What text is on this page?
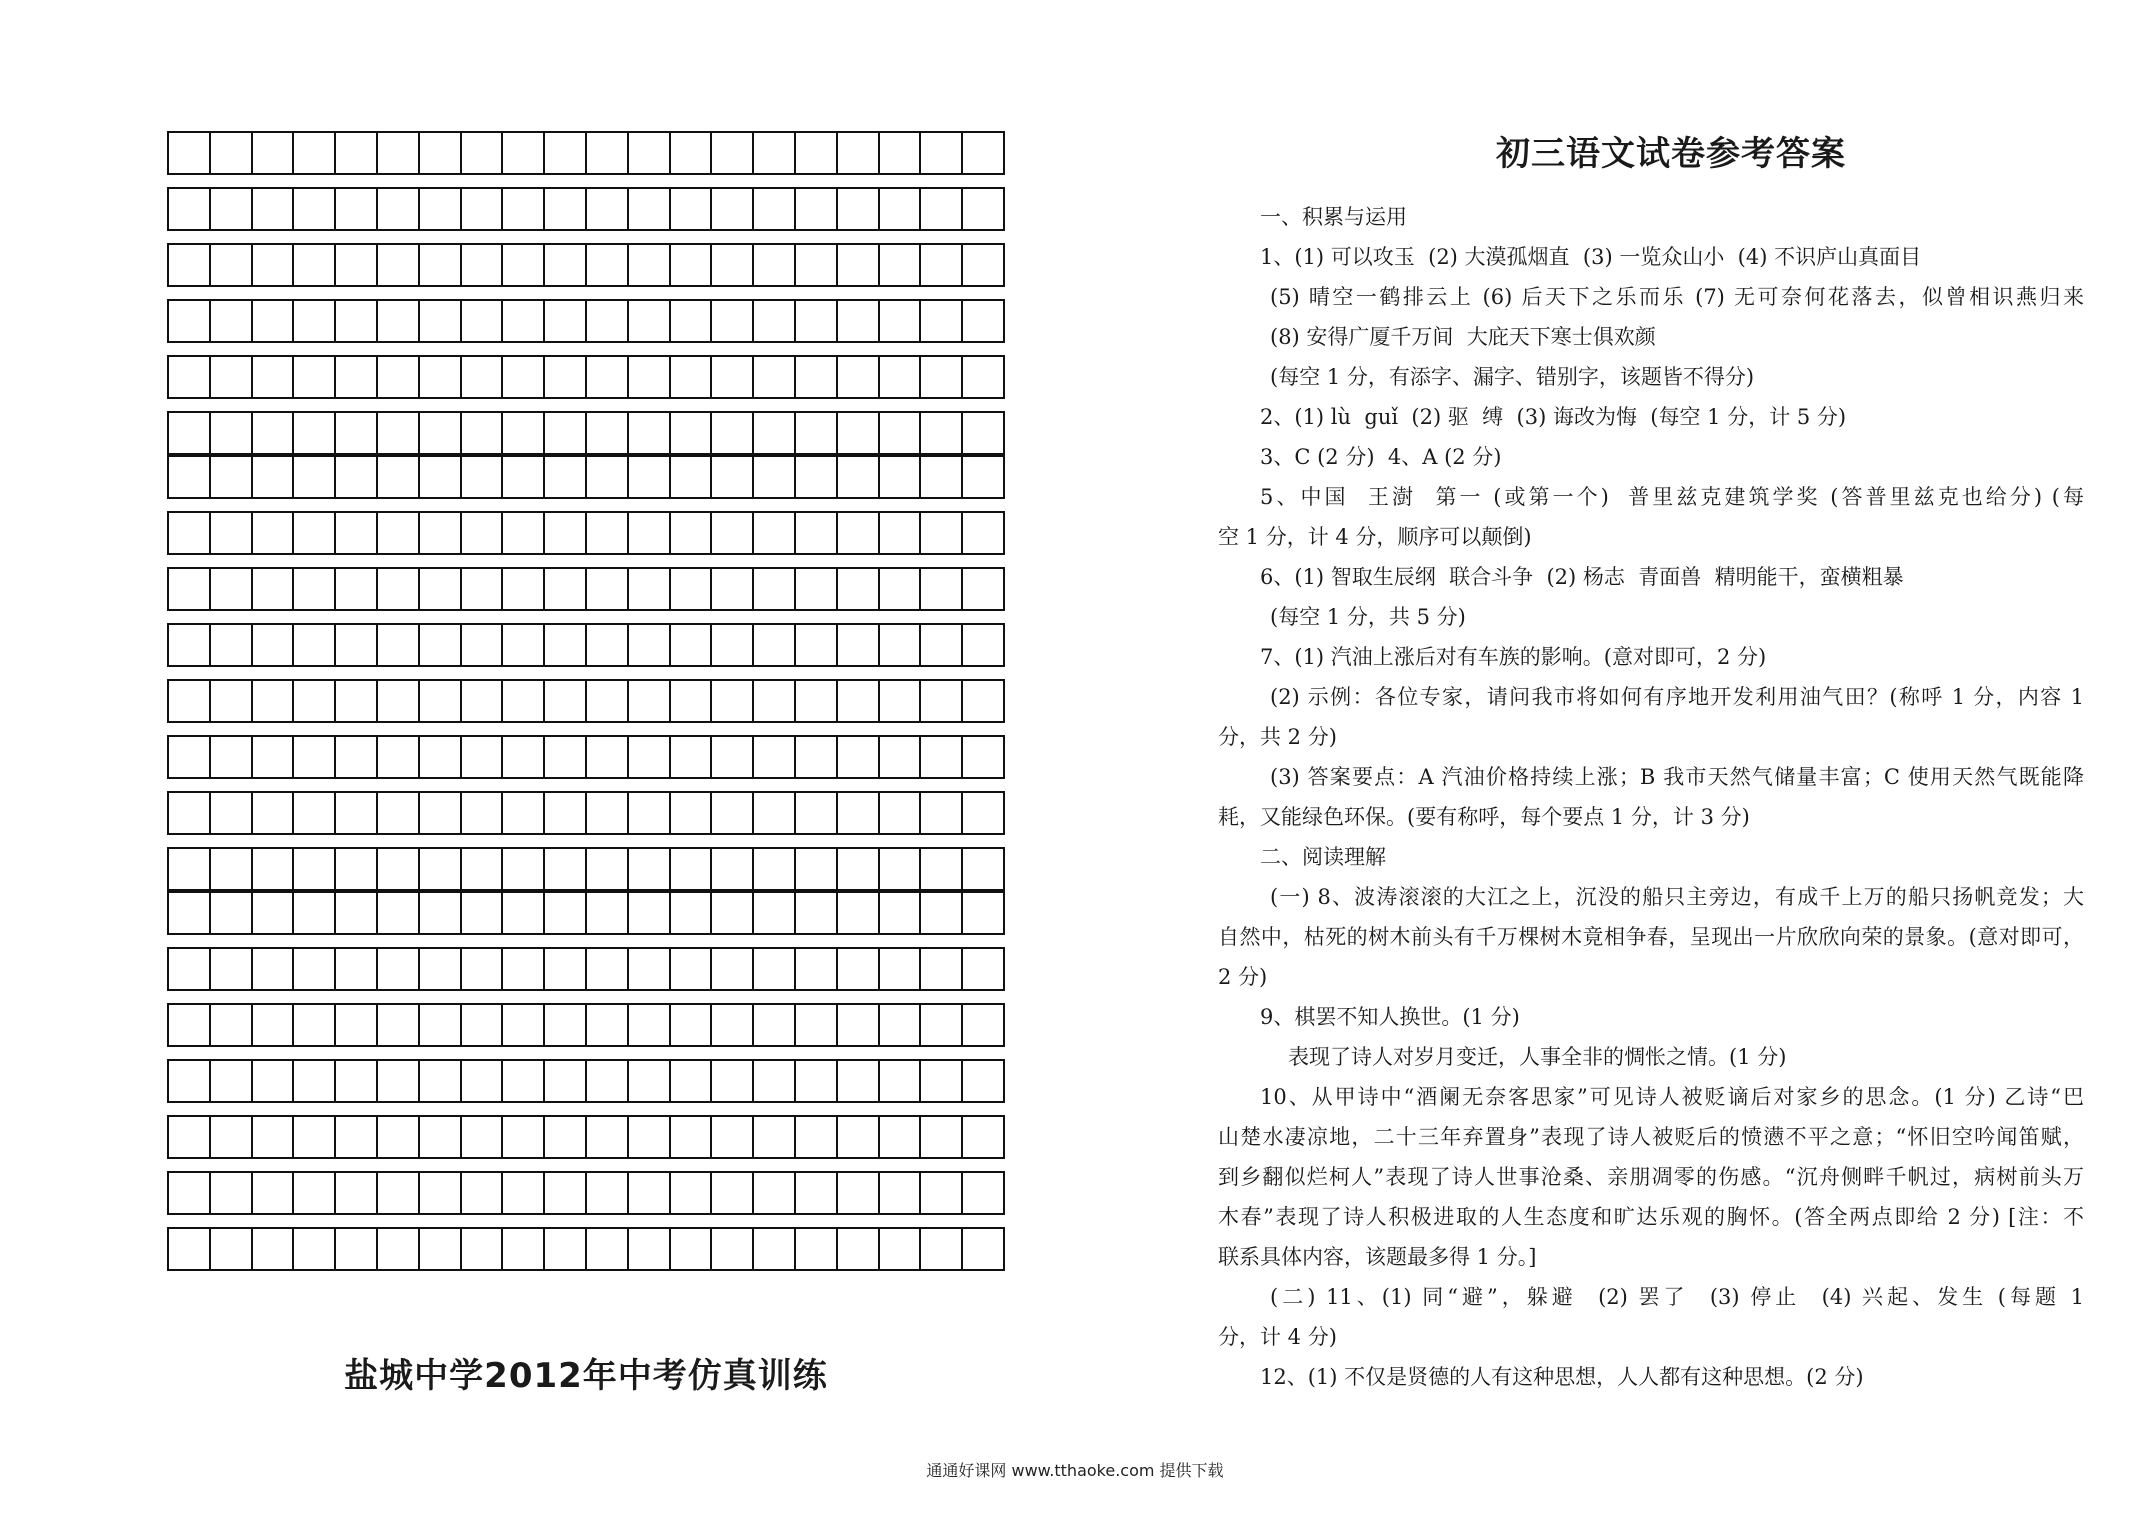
盐城中学2012年中考仿真训练
初三语文试卷参考答案
一、积累与运用
1、(1) 可以攻玉  (2) 大漠孤烟直  (3) 一览众山小  (4) 不识庐山真面目
(5) 晴空一鹤排云上 (6) 后天下之乐而乐 (7) 无可奈何花落去，似曾相识燕归来
(8) 安得广厦千万间  大庇天下寒士俱欢颜
(每空 1 分，有添字、漏字、错别字，该题皆不得分)
2、(1) lù  guǐ  (2) 驱  缚  (3) 诲改为悔  (每空 1 分，计 5 分)
3、C (2 分)  4、A (2 分)
5、中国  王澍  第一 (或第一个)  普里兹克建筑学奖 (答普里兹克也给分) (每
空 1 分，计 4 分，顺序可以颠倒)
6、(1) 智取生辰纲  联合斗争  (2) 杨志  青面兽  精明能干，蛮横粗暴
(每空 1 分，共 5 分)
7、(1) 汽油上涨后对有车族的影响。(意对即可，2 分)
(2) 示例：各位专家，请问我市将如何有序地开发利用油气田？(称呼 1 分，内容 1
分，共 2 分)
(3) 答案要点：A 汽油价格持续上涨；B 我市天然气储量丰富；C 使用天然气既能降
耗，又能绿色环保。(要有称呼，每个要点 1 分，计 3 分)
二、阅读理解
(一) 8、波涛滚滚的大江之上，沉没的船只主旁边，有成千上万的船只扬帆竞发；大
自然中，枯死的树木前头有千万棵树木竟相争春，呈现出一片欣欣向荣的景象。(意对即可，
2 分)
9、棋罢不知人换世。(1 分)
表现了诗人对岁月变迁，人事全非的惆怅之情。(1 分)
10、从甲诗中“酒阑无奈客思家”可见诗人被贬谪后对家乡的思念。(1 分) 乙诗“巴
山楚水凄凉地，二十三年弃置身”表现了诗人被贬后的愤懑不平之意；“怀旧空吟闻笛赋，
到乡翻似烂柯人”表现了诗人世事沧桑、亲朋凋零的伤感。“沉舟侧畔千帆过，病树前头万
木春”表现了诗人积极进取的人生态度和旷达乐观的胸怀。(答全两点即给 2 分) [注：不
联系具体内容，该题最多得 1 分。]
(二) 11、(1) 同“避”，躲避  (2) 罢了  (3) 停止  (4) 兴起、发生 (每题 1
分，计 4 分)
12、(1) 不仅是贤德的人有这种思想，人人都有这种思想。(2 分)
通通好课网 www.tthaoke.com 提供下载
